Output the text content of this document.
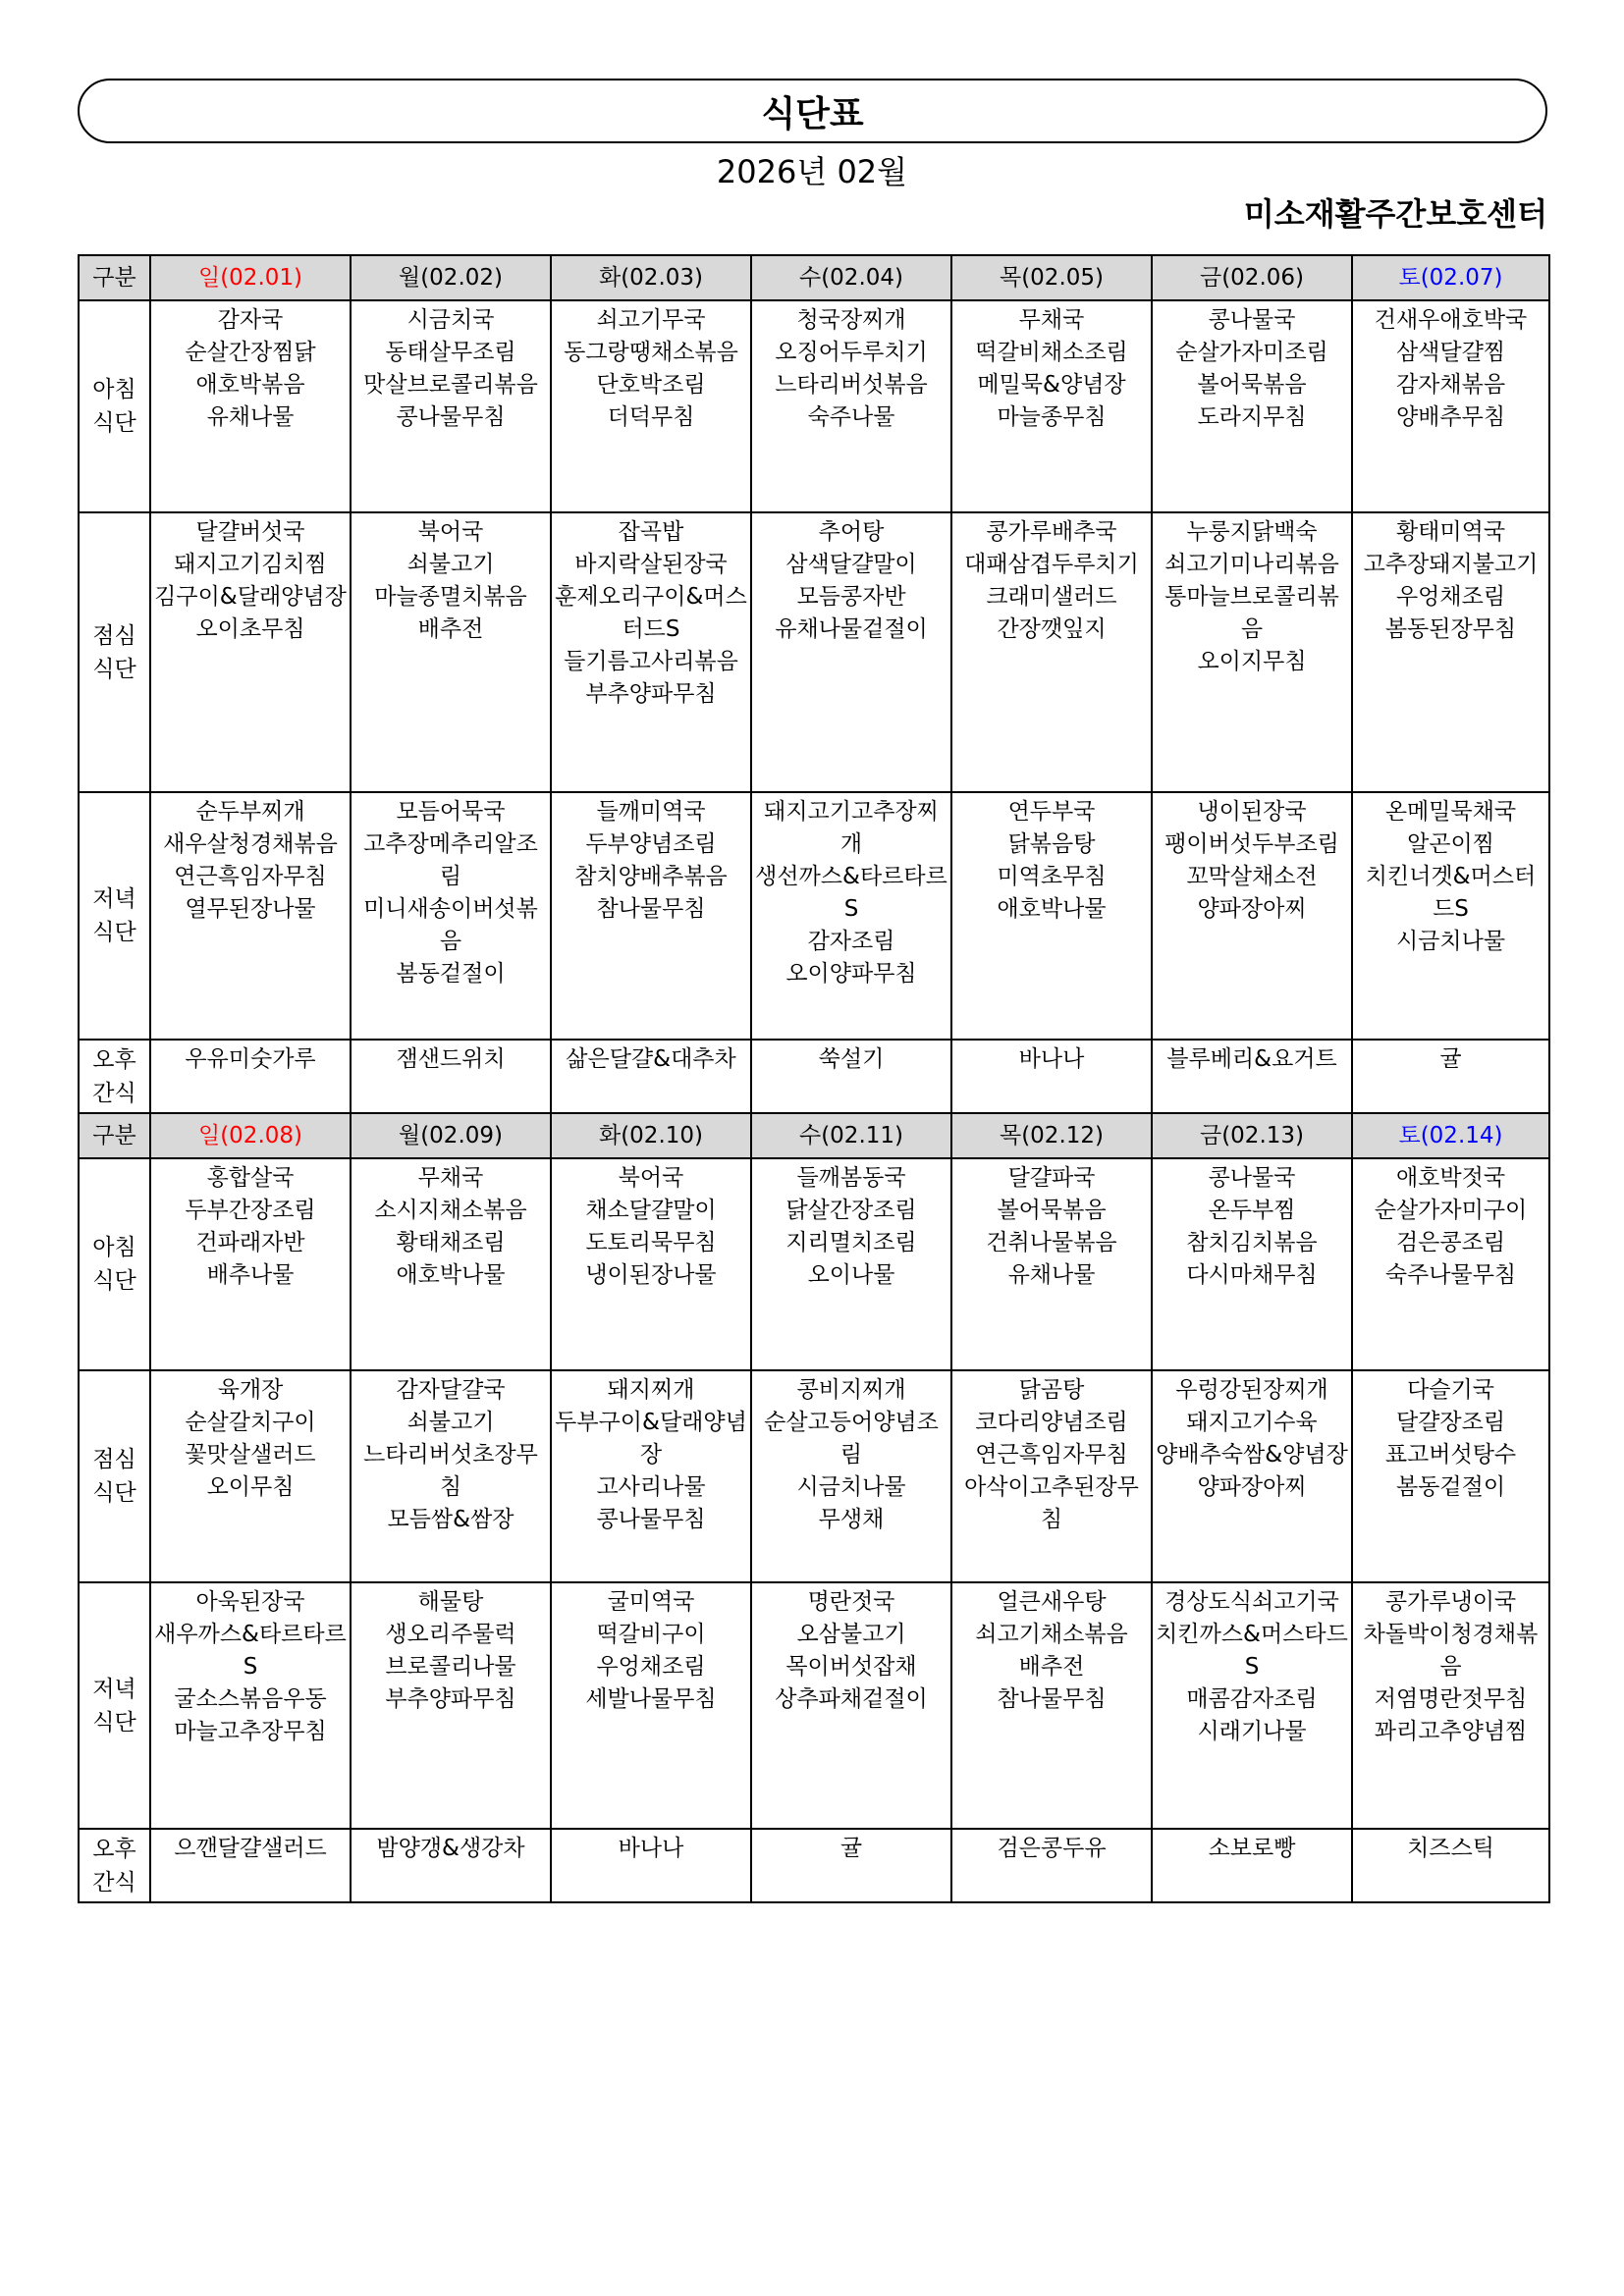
식단표
2026년 02월
미소재활주간보호센터
구분	일(02.01)	월(02.02)	화(02.03)	수(02.04)	목(02.05)	금(02.06)	토(02.07)

아침
식단	감자국
순살간장찜닭
애호박볶음
유채나물	시금치국
동태살무조림
맛살브로콜리볶음
콩나물무침	쇠고기무국
동그랑땡채소볶음
단호박조림
더덕무침	청국장찌개
오징어두루치기
느타리버섯볶음
숙주나물	무채국
떡갈비채소조림
메밀묵&양념장
마늘종무침	콩나물국
순살가자미조림
볼어묵볶음
도라지무침	건새우애호박국
삼색달걀찜
감자채볶음
양배추무침

점심
식단	달걀버섯국
돼지고기김치찜
김구이&달래양념장
오이초무침	북어국
쇠불고기
마늘종멸치볶음
배추전	잡곡밥
바지락살된장국
훈제오리구이&머스터드S
들기름고사리볶음
부추양파무침	추어탕
삼색달걀말이
모듬콩자반
유채나물겉절이	콩가루배추국
대패삼겹두루치기
크래미샐러드
간장깻잎지	누룽지닭백숙
쇠고기미나리볶음
통마늘브로콜리볶음
오이지무침	황태미역국
고추장돼지불고기
우엉채조림
봄동된장무침

저녁
식단	순두부찌개
새우살청경채볶음
연근흑임자무침
열무된장나물	모듬어묵국
고추장메추리알조림
미니새송이버섯볶음
봄동겉절이	들깨미역국
두부양념조림
참치양배추볶음
참나물무침	돼지고기고추장찌개
생선까스&타르타르S
감자조림
오이양파무침	연두부국
닭볶음탕
미역초무침
애호박나물	냉이된장국
팽이버섯두부조림
꼬막살채소전
양파장아찌	온메밀묵채국
알곤이찜
치킨너겟&머스터드S
시금치나물

오후
간식	우유미숫가루	잼샌드위치	삶은달걀&대추차	쑥설기	바나나	블루베리&요거트	귤
구분	일(02.08)	월(02.09)	화(02.10)	수(02.11)	목(02.12)	금(02.13)	토(02.14)

아침
식단	홍합살국
두부간장조림
건파래자반
배추나물	무채국
소시지채소볶음
황태채조림
애호박나물	북어국
채소달걀말이
도토리묵무침
냉이된장나물	들깨봄동국
닭살간장조림
지리멸치조림
오이나물	달걀파국
볼어묵볶음
건취나물볶음
유채나물	콩나물국
온두부찜
참치김치볶음
다시마채무침	애호박젓국
순살가자미구이
검은콩조림
숙주나물무침

점심
식단	육개장
순살갈치구이
꽃맛살샐러드
오이무침	감자달걀국
쇠불고기
느타리버섯초장무침
모듬쌈&쌈장	돼지찌개
두부구이&달래양념장
고사리나물
콩나물무침	콩비지찌개
순살고등어양념조림
시금치나물
무생채	닭곰탕
코다리양념조림
연근흑임자무침
아삭이고추된장무침	우렁강된장찌개
돼지고기수육
양배추숙쌈&양념장
양파장아찌	다슬기국
달걀장조림
표고버섯탕수
봄동겉절이

저녁
식단	아욱된장국
새우까스&타르타르S
굴소스볶음우동
마늘고추장무침	해물탕
생오리주물럭
브로콜리나물
부추양파무침	굴미역국
떡갈비구이
우엉채조림
세발나물무침	명란젓국
오삼불고기
목이버섯잡채
상추파채겉절이	얼큰새우탕
쇠고기채소볶음
배추전
참나물무침	경상도식쇠고기국
치킨까스&머스타드S
매콤감자조림
시래기나물	콩가루냉이국
차돌박이청경채볶음
저염명란젓무침
꽈리고추양념찜

오후
간식	으깬달걀샐러드	밤양갱&생강차	바나나	귤	검은콩두유	소보로빵	치즈스틱
